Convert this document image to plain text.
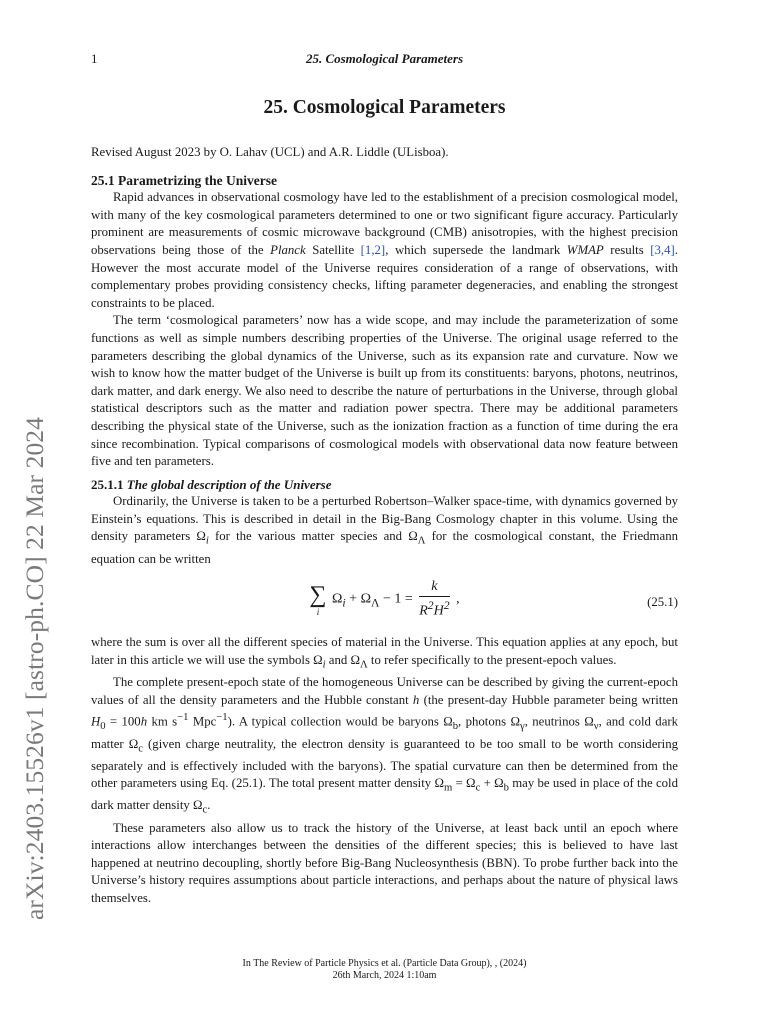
arXiv:2403.15526v1 [astro-ph.CO] 22 Mar 2024
1	25. Cosmological Parameters
25. Cosmological Parameters
Revised August 2023 by O. Lahav (UCL) and A.R. Liddle (ULisboa).
25.1 Parametrizing the Universe

Rapid advances in observational cosmology have led to the establishment of a precision cosmological model, with many of the key cosmological parameters determined to one or two significant figure accuracy. Particularly prominent are measurements of cosmic microwave background (CMB) anisotropies, with the highest precision observations being those of the Planck Satellite [1,2], which supersede the landmark WMAP results [3,4]. However the most accurate model of the Universe requires consideration of a range of observations, with complementary probes providing consistency checks, lifting parameter degeneracies, and enabling the strongest constraints to be placed.

The term ‘cosmological parameters’ now has a wide scope, and may include the parameterization of some functions as well as simple numbers describing properties of the Universe. The original usage referred to the parameters describing the global dynamics of the Universe, such as its expansion rate and curvature. Now we wish to know how the matter budget of the Universe is built up from its constituents: baryons, photons, neutrinos, dark matter, and dark energy. We also need to describe the nature of perturbations in the Universe, through global statistical descriptors such as the matter and radiation power spectra. There may be additional parameters describing the physical state of the Universe, such as the ionization fraction as a function of time during the era since recombination. Typical comparisons of cosmological models with observational data now feature between five and ten parameters.

25.1.1 The global description of the Universe

Ordinarily, the Universe is taken to be a perturbed Robertson–Walker space-time, with dynamics governed by Einstein’s equations. This is described in detail in the Big-Bang Cosmology chapter in this volume. Using the density parameters $\Omega_i$ for the various matter species and $\Omega_\Lambda$ for the cosmological constant, the Friedmann equation can be written

∑
i
$\Omega_i + \Omega_\Lambda - 1 = \frac{k}{R^2H^2}$ ,	(25.1)

where the sum is over all the different species of material in the Universe. This equation applies at any epoch, but later in this article we will use the symbols $\Omega_i$ and $\Omega_\Lambda$ to refer specifically to the present-epoch values.

The complete present-epoch state of the homogeneous Universe can be described by giving the current-epoch values of all the density parameters and the Hubble constant h (the present-day Hubble parameter being written $H_0 = 100h$ km $s^{-1}$ Mpc$^{-1}$). A typical collection would be baryons $\Omega_b$, photons $\Omega_\gamma$, neutrinos $\Omega_\nu$, and cold dark matter $\Omega_c$ (given charge neutrality, the electron density is guaranteed to be too small to be worth considering separately and is effectively included with the baryons). The spatial curvature can then be determined from the other parameters using Eq. (25.1). The total present matter density $\Omega_m = \Omega_c + \Omega_b$ may be used in place of the cold dark matter density $\Omega_c$.

These parameters also allow us to track the history of the Universe, at least back until an epoch where interactions allow interchanges between the densities of the different species; this is believed to have last happened at neutrino decoupling, shortly before Big-Bang Nucleosynthesis (BBN). To probe further back into the Universe’s history requires assumptions about particle interactions, and perhaps about the nature of physical laws themselves.

In The Review of Particle Physics et al. (Particle Data Group), , (2024)
26th March, 2024 1:10am
